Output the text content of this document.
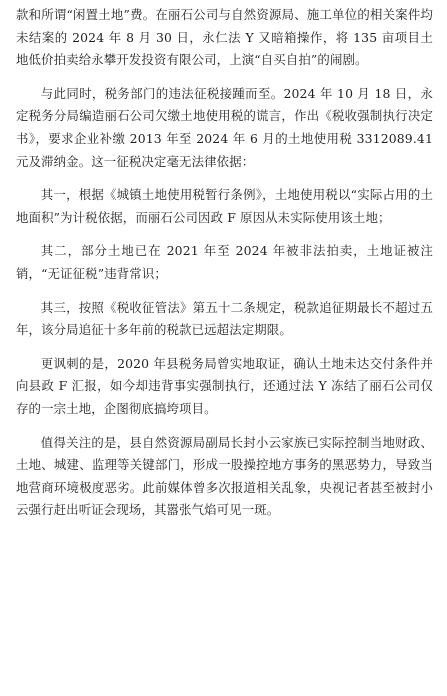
款和所谓“闲置土地”费。在丽石公司与自然资源局、施工单位的相关案件均未结案的 2024 年 8 月 30 日，永仁法 Y 又暗箱操作，将 135 亩项目土地低价拍卖给永攀开发投资有限公司，上演“自买自拍”的闹剧。

与此同时，税务部门的违法征税接踵而至。2024 年 10 月 18 日，永定税务分局编造丽石公司欠缴土地使用税的谎言，作出《税收强制执行决定书》，要求企业补缴 2013 年至 2024 年 6 月的土地使用税 3312089.41 元及滞纳金。这一征税决定毫无法律依据：

其一，根据《城镇土地使用税暂行条例》，土地使用税以“实际占用的土地面积”为计税依据，而丽石公司因政 F 原因从未实际使用该土地；

其二，部分土地已在 2021 年至 2024 年被非法拍卖，土地证被注销，“无证征税”违背常识；

其三，按照《税收征管法》第五十二条规定，税款追征期最长不超过五年，该分局追征十多年前的税款已远超法定期限。

更讽刺的是，2020 年县税务局曾实地取证，确认土地未达交付条件并向县政 F 汇报，如今却违背事实强制执行，还通过法 Y 冻结了丽石公司仅存的一宗土地，企图彻底搞垮项目。

值得关注的是，县自然资源局副局长封小云家族已实际控制当地财政、土地、城建、监理等关键部门，形成一股操控地方事务的黑恶势力，导致当地营商环境极度恶劣。此前媒体曾多次报道相关乱象，央视记者甚至被封小云强行赶出听证会现场，其嚣张气焰可见一斑。
